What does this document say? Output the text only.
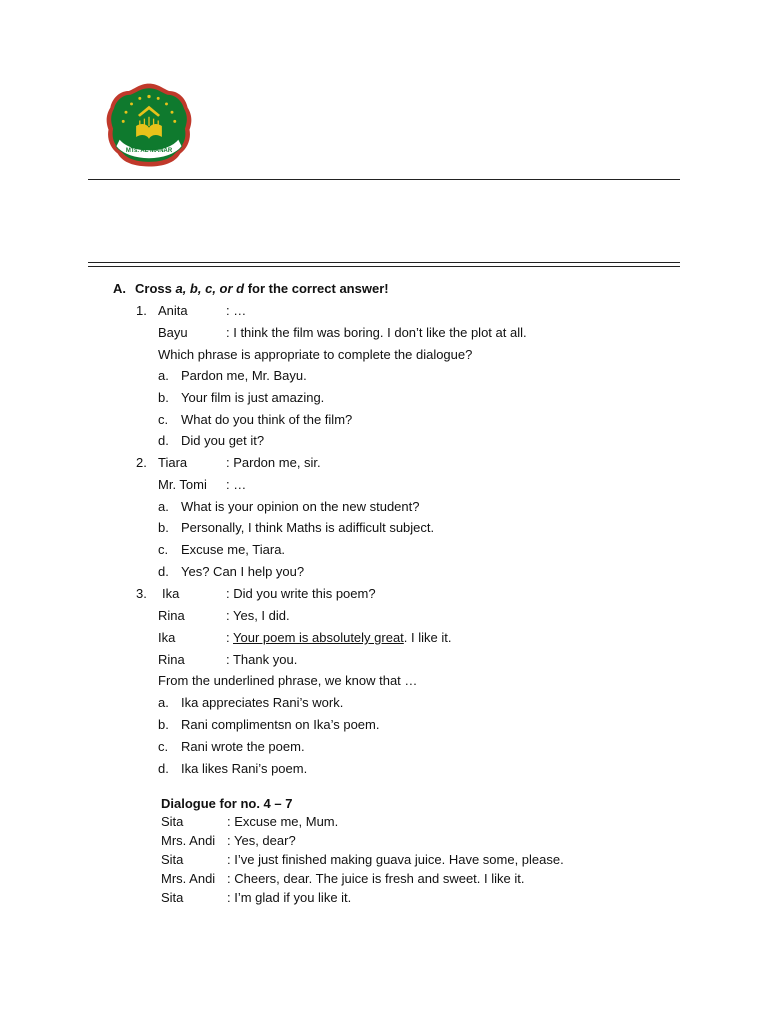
MTs. AL MANAR
A. Cross a, b, c, or d for the correct answer!
1. Anita	: …
Bayu	: I think the film was boring. I don’t like the plot at all.
Which phrase is appropriate to complete the dialogue?
a. Pardon me, Mr. Bayu.
b. Your film is just amazing.
c. What do you think of the film?
d. Did you get it?
2. Tiara	: Pardon me, sir.
Mr. Tomi : …
a. What is your opinion on the new student?
b. Personally, I think Maths is adifficult subject.
c. Excuse me, Tiara.
d. Yes? Can I help you?
3. Ika	: Did you write this poem?
Rina	: Yes, I did.
Ika	: Your poem is absolutely great. I like it.
Rina	: Thank you.
From the underlined phrase, we know that …
a. Ika appreciates Rani’s work.
b. Rani complimentsn on Ika’s poem.
c. Rani wrote the poem.
d. Ika likes Rani’s poem.
Dialogue for no. 4 – 7
Sita	: Excuse me, Mum.
Mrs. Andi : Yes, dear?
Sita	: I’ve just finished making guava juice. Have some, please.
Mrs. Andi : Cheers, dear. The juice is fresh and sweet. I like it.
Sita	: I’m glad if you like it.
